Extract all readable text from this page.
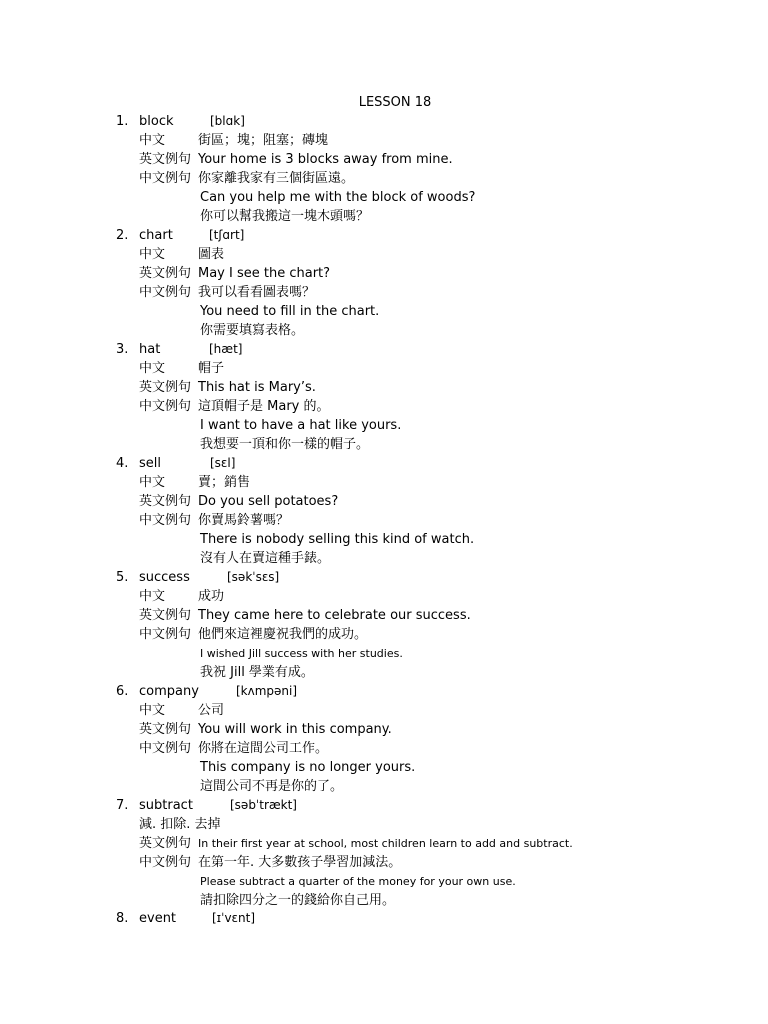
LESSON 18
1. block	[blɑk]
中文	街區；塊；阻塞；磚塊
英文例句 Your home is 3 blocks away from mine.
中文例句 你家離我家有三個街區遠。
Can you help me with the block of woods?
你可以幫我搬這一塊木頭嗎？
2. chart	[tʃɑrt]
中文	圖表
英文例句 May I see the chart?
中文例句 我可以看看圖表嗎？
You need to fill in the chart.
你需要填寫表格。
3. hat	[hæt]
中文	帽子
英文例句 This hat is Mary’s.
中文例句 這頂帽子是 Mary 的。
I want to have a hat like yours.
我想要一頂和你一樣的帽子。
4. sell	[sɛl]
中文	賣；銷售
英文例句 Do you sell potatoes?
中文例句 你賣馬鈴薯嗎？
There is nobody selling this kind of watch.
沒有人在賣這種手錶。
5. success	[səkˈsɛs]
中文	成功
英文例句 They came here to celebrate our success.
中文例句 他們來這裡慶祝我們的成功。
I wished Jill success with her studies.
我祝 Jill 學業有成。
6. company	[kʌmpəni]
中文	公司
英文例句 You will work in this company.
中文例句 你將在這間公司工作。
This company is no longer yours.
這間公司不再是你的了。
7. subtract	[səbˈtrækt]
減. 扣除. 去掉
英文例句 In their first year at school, most children learn to add and subtract.
中文例句 在第一年. 大多數孩子學習加減法。
Please subtract a quarter of the money for your own use.
請扣除四分之一的錢給你自己用。
8. event	[ɪˈvɛnt]
